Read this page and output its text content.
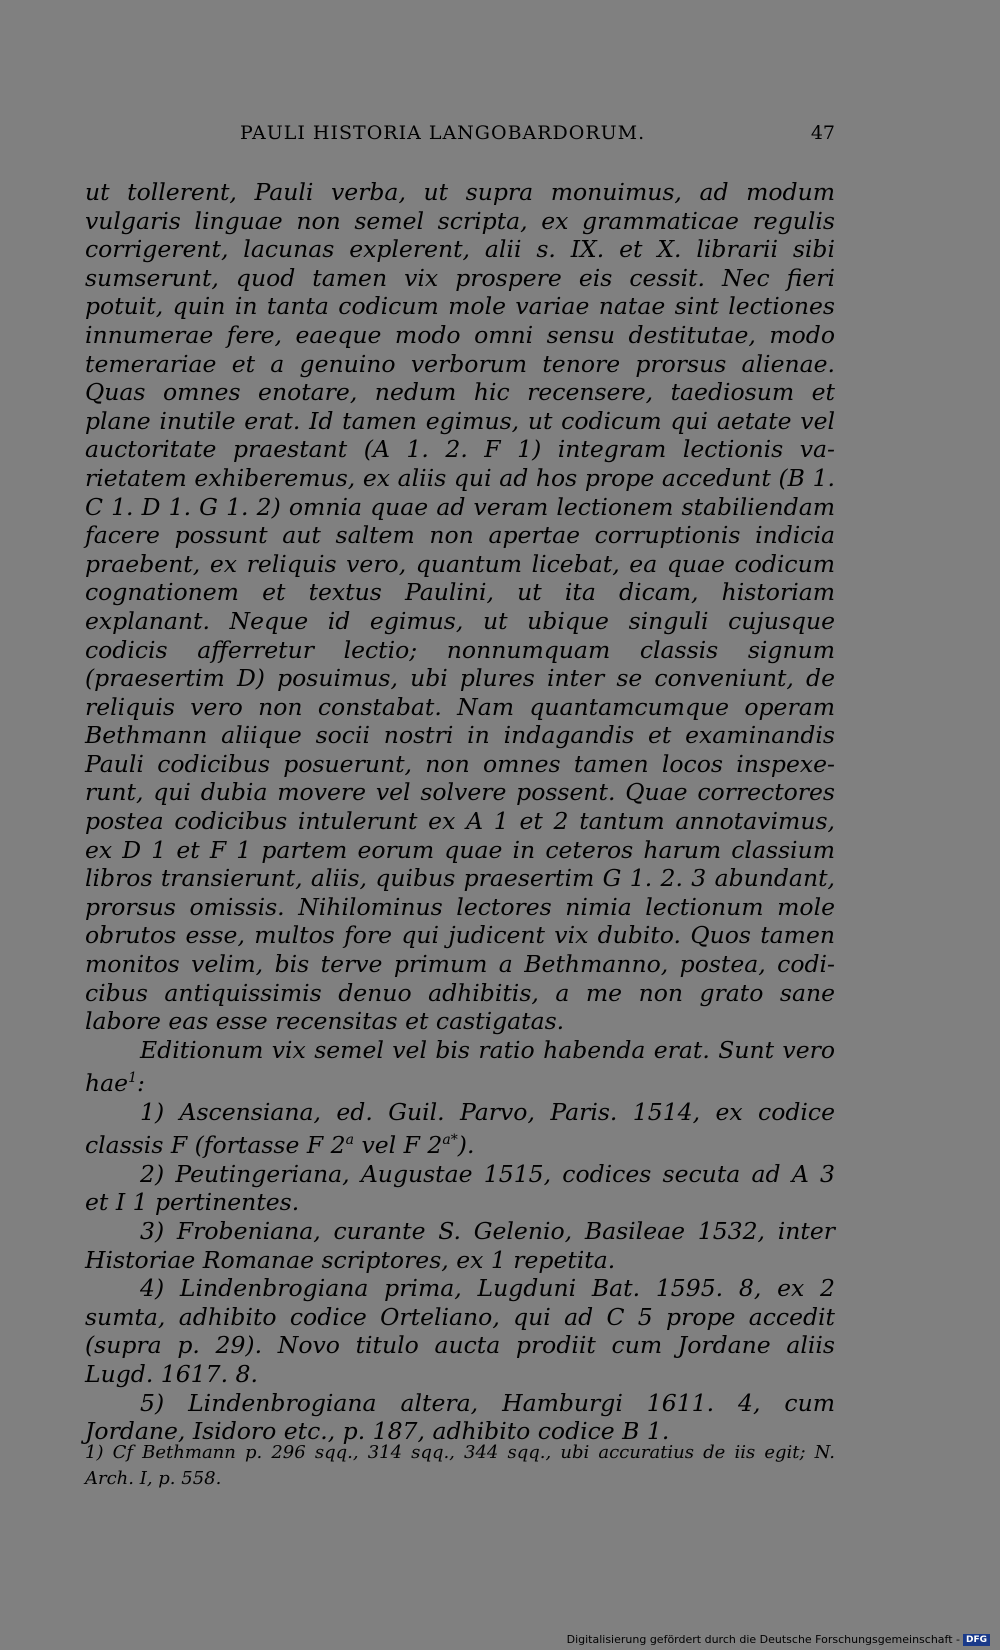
PAULI HISTORIA LANGOBARDORUM.	47

ut tollerent, Pauli verba, ut supra monuimus, ad modum vulgaris linguae non semel scripta, ex grammaticae regulis corrigerent, lacunas explerent, alii s. IX. et X. librarii sibi sumserunt, quod tamen vix prospere eis cessit. Nec fieri potuit, quin in tanta codicum mole variae natae sint lectiones innumerae fere, eaeque modo omni sensu destitutae, modo temerariae et a genuino verborum tenore prorsus alienae. Quas omnes enotare, nedum hic recensere, taediosum et plane inutile erat. Id tamen egimus, ut codicum qui aetate vel auctoritate praestant (A 1. 2. F 1) integram lectionis varietatem exhiberemus, ex aliis qui ad hos prope accedunt (B 1. C 1. D 1. G 1. 2) omnia quae ad veram lectionem stabiliendam facere possunt aut saltem non apertae corruptionis indicia praebent, ex reliquis vero, quantum licebat, ea quae codicum cognationem et textus Paulini, ut ita dicam, historiam explanant. Neque id egimus, ut ubique singuli cujusque codicis afferretur lectio; nonnumquam classis signum (praesertim D) posuimus, ubi plures inter se conveniunt, de reliquis vero non constabat. Nam quantamcumque operam Bethmann aliique socii nostri in indagandis et examinandis Pauli codicibus posuerunt, non omnes tamen locos inspexerunt, qui dubia movere vel solvere possent. Quae correctores postea codicibus intulerunt ex A 1 et 2 tantum annotavimus, ex D 1 et F 1 partem eorum quae in ceteros harum classium libros transierunt, aliis, quibus praesertim G 1. 2. 3 abundant, prorsus omissis. Nihilominus lectores nimia lectionum mole obrutos esse, multos fore qui judicent vix dubito. Quos tamen monitos velim, bis terve primum a Bethmanno, postea, codicibus antiquissimis denuo adhibitis, a me non grato sane labore eas esse recensitas et castigatas.

Editionum vix semel vel bis ratio habenda erat. Sunt vero hae$^1$:

1) Ascensiana, ed. Guil. Parvo, Paris. 1514, ex codice classis F (fortasse F 2$^a$ vel F $2^{a*}$).

2) Peutingeriana, Augustae 1515, codices secuta ad A 3 et I 1 pertinentes.

3) Frobeniana, curante S. Gelenio, Basileae 1532, inter Historiae Romanae scriptores, ex 1 repetita.

4) Lindenbrogiana prima, Lugduni Bat. 1595. 8, ex 2 sumta, adhibito codice Orteliano, qui ad C 5 prope accedit (supra p. 29). Novo titulo aucta prodiit cum Jordane aliis Lugd. 1617. 8.

5) Lindenbrogiana altera, Hamburgi 1611. 4, cum Jordane, Isidoro etc., p. 187, adhibito codice B 1.

1) Cf Bethmann p. 296 sqq., 314 sqq., 344 sqq., ubi accuratius de iis egit; N. Arch. I, p. 558.

Digitalisierung gefördert durch die Deutsche Forschungsgemeinschaft - DFG
